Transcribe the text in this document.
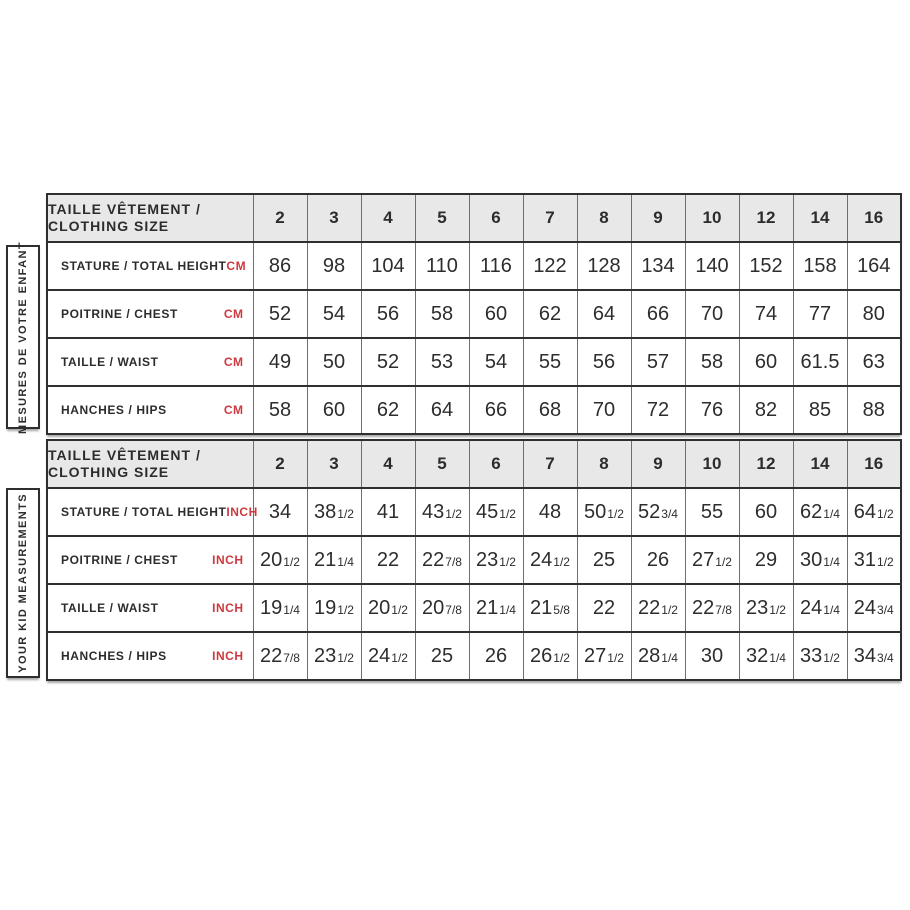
MESURES DE VOTRE ENFANT
YOUR KID MEASUREMENTS
TAILLE VÊTEMENT /
CLOTHING SIZE	2	3	4	5	6	7	8	9	10	12	14	16

STATURE / TOTAL HEIGHT CM	86	98	104	110	116	122	128	134	140	152	158	164

POITRINE / CHEST CM	52	54	56	58	60	62	64	66	70	74	77	80

TAILLE / WAIST CM	49	50	52	53	54	55	56	57	58	60	61.5	63

HANCHES / HIPS CM	58	60	62	64	66	68	70	72	76	82	85	88
TAILLE VÊTEMENT /
CLOTHING SIZE	2	3	4	5	6	7	8	9	10	12	14	16

STATURE / TOTAL HEIGHT INCH	34	381/2	41	431/2	451/2	48	501/2	523/4	55	60	621/4	641/2

POITRINE / CHEST INCH	201/2	211/4	22	227/8	231/2	241/2	25	26	271/2	29	301/4	311/2

TAILLE / WAIST INCH	191/4	191/2	201/2	207/8	211/4	215/8	22	221/2	227/8	231/2	241/4	243/4

HANCHES / HIPS INCH	227/8	231/2	241/2	25	26	261/2	271/2	281/4	30	321/4	331/2	343/4
